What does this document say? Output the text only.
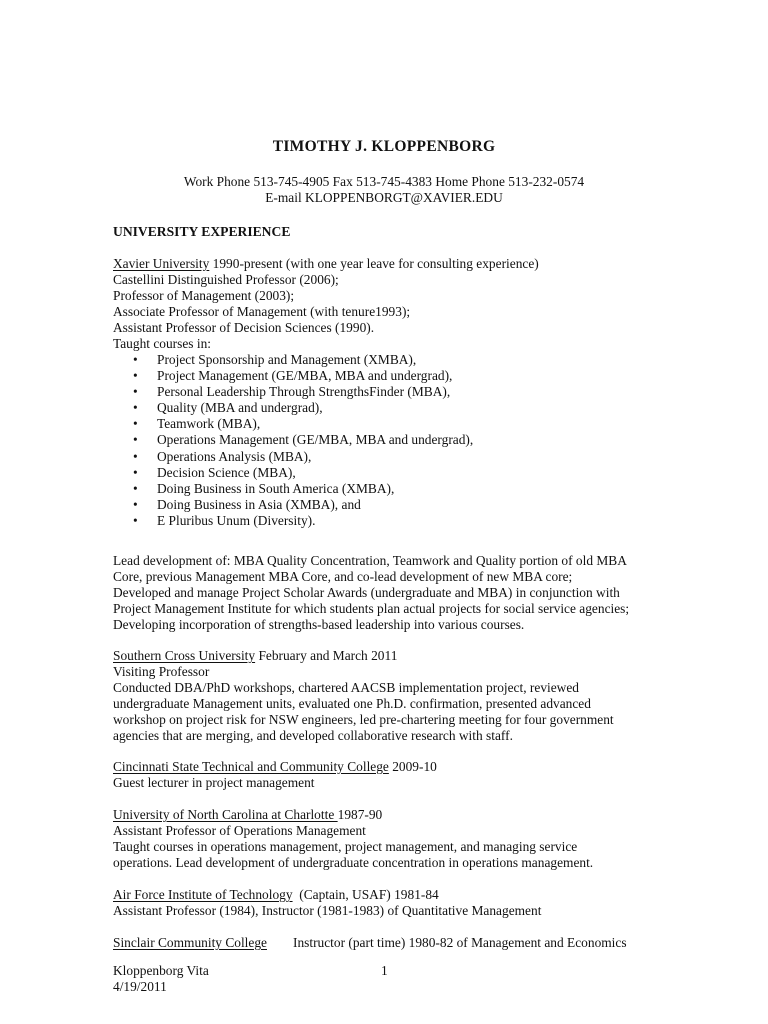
TIMOTHY J. KLOPPENBORG
Work Phone 513-745-4905 Fax 513-745-4383 Home Phone 513-232-0574
E-mail KLOPPENBORGT@XAVIER.EDU
UNIVERSITY EXPERIENCE
Xavier University 1990-present (with one year leave for consulting experience)
Castellini Distinguished Professor (2006);
Professor of Management (2003);
Associate Professor of Management (with tenure1993);
Assistant Professor of Decision Sciences (1990).
Taught courses in:
• Project Sponsorship and Management (XMBA),
• Project Management (GE/MBA, MBA and undergrad),
• Personal Leadership Through StrengthsFinder (MBA),
• Quality (MBA and undergrad),
• Teamwork (MBA),
• Operations Management (GE/MBA, MBA and undergrad),
• Operations Analysis (MBA),
• Decision Science (MBA),
• Doing Business in South America (XMBA),
• Doing Business in Asia (XMBA), and
• E Pluribus Unum (Diversity).
Lead development of: MBA Quality Concentration, Teamwork and Quality portion of old MBA
Core, previous Management MBA Core, and co-lead development of new MBA core;
Developed and manage Project Scholar Awards (undergraduate and MBA) in conjunction with
Project Management Institute for which students plan actual projects for social service agencies;
Developing incorporation of strengths-based leadership into various courses.
Southern Cross University February and March 2011
Visiting Professor
Conducted DBA/PhD workshops, chartered AACSB implementation project, reviewed
undergraduate Management units, evaluated one Ph.D. confirmation, presented advanced
workshop on project risk for NSW engineers, led pre-chartering meeting for four government
agencies that are merging, and developed collaborative research with staff.
Cincinnati State Technical and Community College 2009-10
Guest lecturer in project management
University of North Carolina at Charlotte 1987-90
Assistant Professor of Operations Management
Taught courses in operations management, project management, and managing service
operations. Lead development of undergraduate concentration in operations management.
Air Force Institute of Technology  (Captain, USAF) 1981-84
Assistant Professor (1984), Instructor (1981-1983) of Quantitative Management
Sinclair Community College Instructor (part time) 1980-82 of Management and Economics
Kloppenborg Vita
4/19/2011
1
